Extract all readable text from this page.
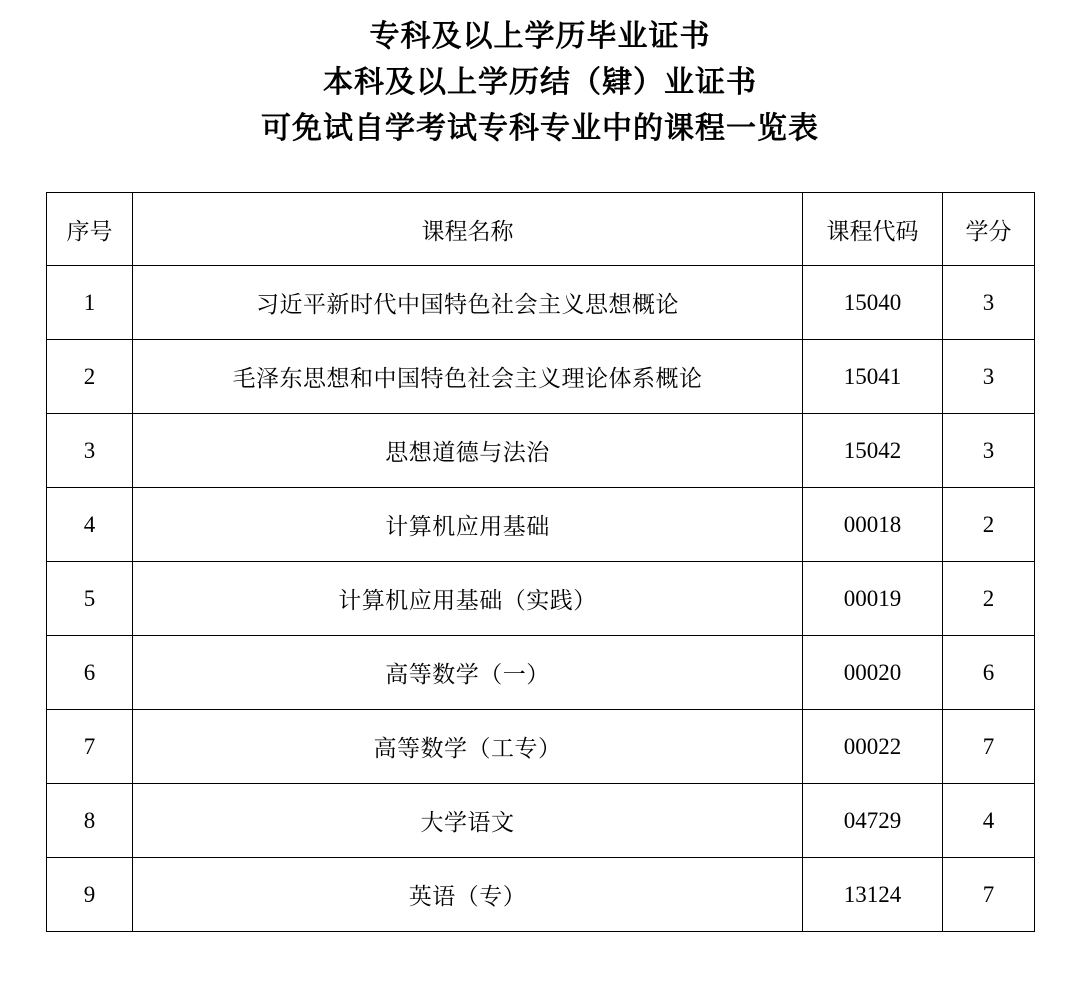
专科及以上学历毕业证书
本科及以上学历结（肄）业证书
可免试自学考试专科专业中的课程一览表
序号	课程名称	课程代码	学分
1	习近平新时代中国特色社会主义思想概论	15040	3
2	毛泽东思想和中国特色社会主义理论体系概论	15041	3
3	思想道德与法治	15042	3
4	计算机应用基础	00018	2
5	计算机应用基础（实践）	00019	2
6	高等数学（一）	00020	6
7	高等数学（工专）	00022	7
8	大学语文	04729	4
9	英语（专）	13124	7
